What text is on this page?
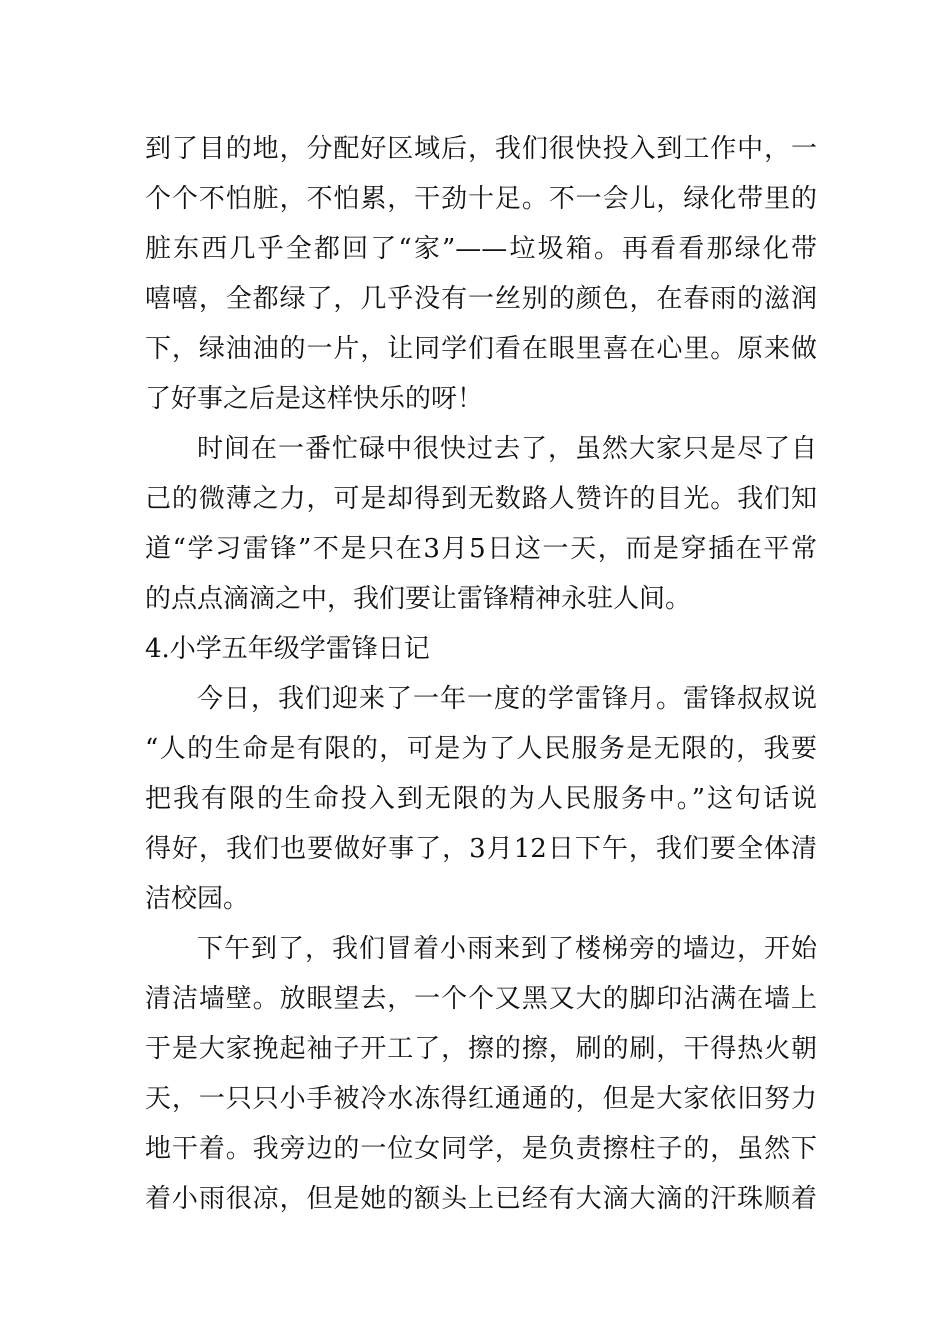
到了目的地，分配好区域后，我们很快投入到工作中，一
个个不怕脏，不怕累，干劲十足。不一会儿，绿化带里的
脏东西几乎全都回了“家”——垃圾箱。再看看那绿化带
嘻嘻，全都绿了，几乎没有一丝别的颜色，在春雨的滋润
下，绿油油的一片，让同学们看在眼里喜在心里。原来做
了好事之后是这样快乐的呀！
时间在一番忙碌中很快过去了，虽然大家只是尽了自
己的微薄之力，可是却得到无数路人赞许的目光。我们知
道“学习雷锋”不是只在3月5日这一天，而是穿插在平常
的点点滴滴之中，我们要让雷锋精神永驻人间。
4.小学五年级学雷锋日记
今日，我们迎来了一年一度的学雷锋月。雷锋叔叔说
“人的生命是有限的，可是为了人民服务是无限的，我要
把我有限的生命投入到无限的为人民服务中。”这句话说
得好，我们也要做好事了，3月12日下午，我们要全体清
洁校园。
下午到了，我们冒着小雨来到了楼梯旁的墙边，开始
清洁墙壁。放眼望去，一个个又黑又大的脚印沾满在墙上
于是大家挽起袖子开工了，擦的擦，刷的刷，干得热火朝
天，一只只小手被冷水冻得红通通的，但是大家依旧努力
地干着。我旁边的一位女同学，是负责擦柱子的，虽然下
着小雨很凉，但是她的额头上已经有大滴大滴的汗珠顺着
